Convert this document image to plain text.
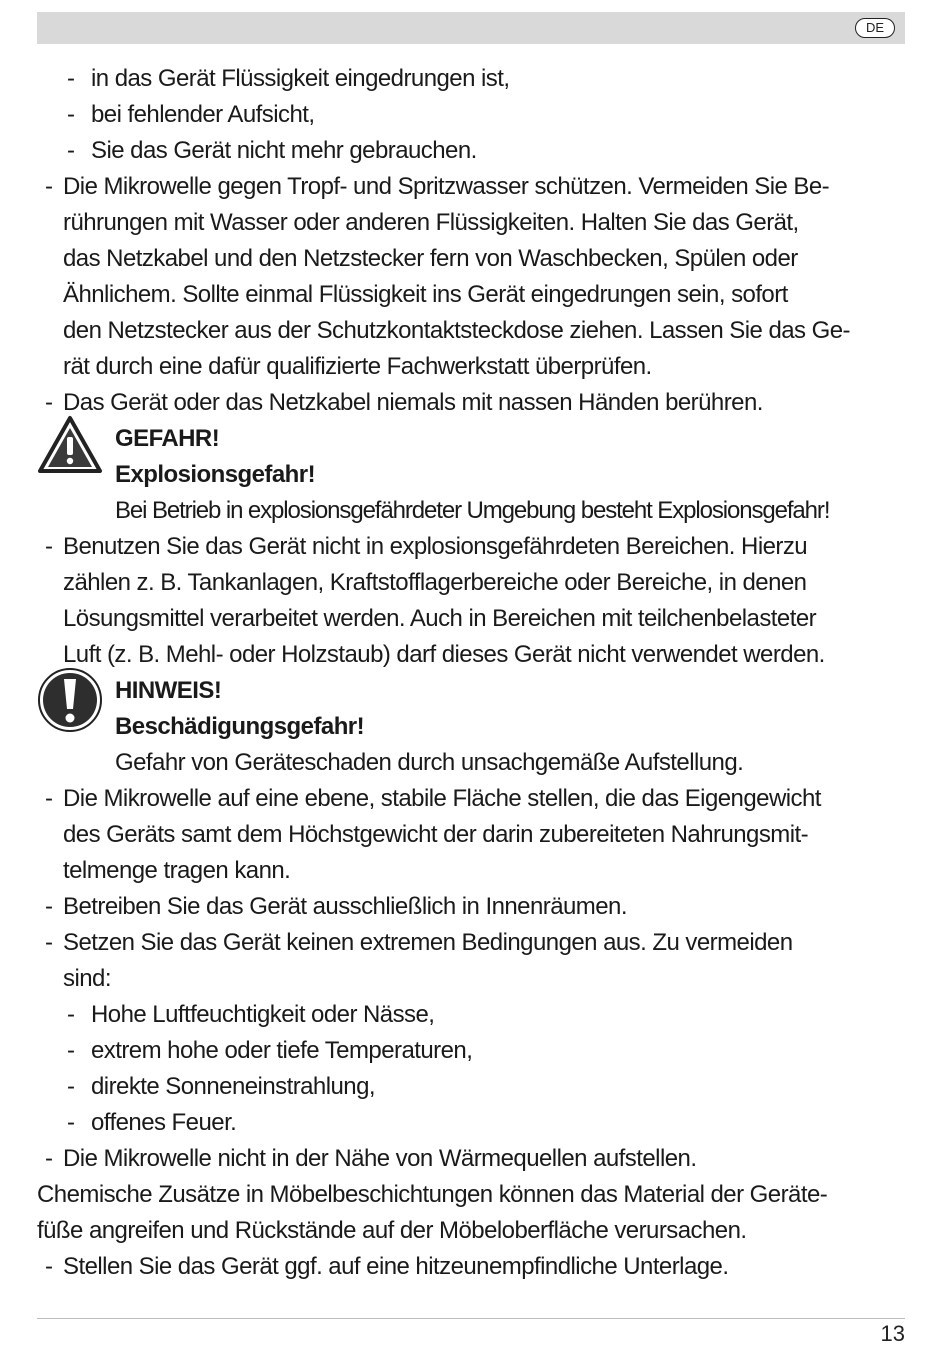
DE
- in das Gerät Flüssigkeit eingedrungen ist,
- bei fehlender Aufsicht,
- Sie das Gerät nicht mehr gebrauchen.
- Die Mikrowelle gegen Tropf- und Spritzwasser schützen. Vermeiden Sie Be-
rührungen mit Wasser oder anderen Flüssigkeiten. Halten Sie das Gerät,
das Netzkabel und den Netzstecker fern von Waschbecken, Spülen oder
Ähnlichem. Sollte einmal Flüssigkeit ins Gerät eingedrungen sein, sofort
den Netzstecker aus der Schutzkontaktsteckdose ziehen. Lassen Sie das Ge-
rät durch eine dafür qualifizierte Fachwerkstatt überprüfen.
- Das Gerät oder das Netzkabel niemals mit nassen Händen berühren.
GEFAHR!
Explosionsgefahr!
Bei Betrieb in explosionsgefährdeter Umgebung besteht Explosionsgefahr!
- Benutzen Sie das Gerät nicht in explosionsgefährdeten Bereichen. Hierzu
zählen z. B. Tankanlagen, Kraftstofflagerbereiche oder Bereiche, in denen
Lösungsmittel verarbeitet werden. Auch in Bereichen mit teilchenbelasteter
Luft (z. B. Mehl- oder Holzstaub) darf dieses Gerät nicht verwendet werden.
HINWEIS!
Beschädigungsgefahr!
Gefahr von Geräteschaden durch unsachgemäße Aufstellung.
- Die Mikrowelle auf eine ebene, stabile Fläche stellen, die das Eigengewicht
des Geräts samt dem Höchstgewicht der darin zubereiteten Nahrungsmit-
telmenge tragen kann.
- Betreiben Sie das Gerät ausschließlich in Innenräumen.
- Setzen Sie das Gerät keinen extremen Bedingungen aus. Zu vermeiden
sind:
- Hohe Luftfeuchtigkeit oder Nässe,
- extrem hohe oder tiefe Temperaturen,
- direkte Sonneneinstrahlung,
- offenes Feuer.
- Die Mikrowelle nicht in der Nähe von Wärmequellen aufstellen.
Chemische Zusätze in Möbelbeschichtungen können das Material der Geräte-
füße angreifen und Rückstände auf der Möbeloberfläche verursachen.
- Stellen Sie das Gerät ggf. auf eine hitzeunempfindliche Unterlage.
13
